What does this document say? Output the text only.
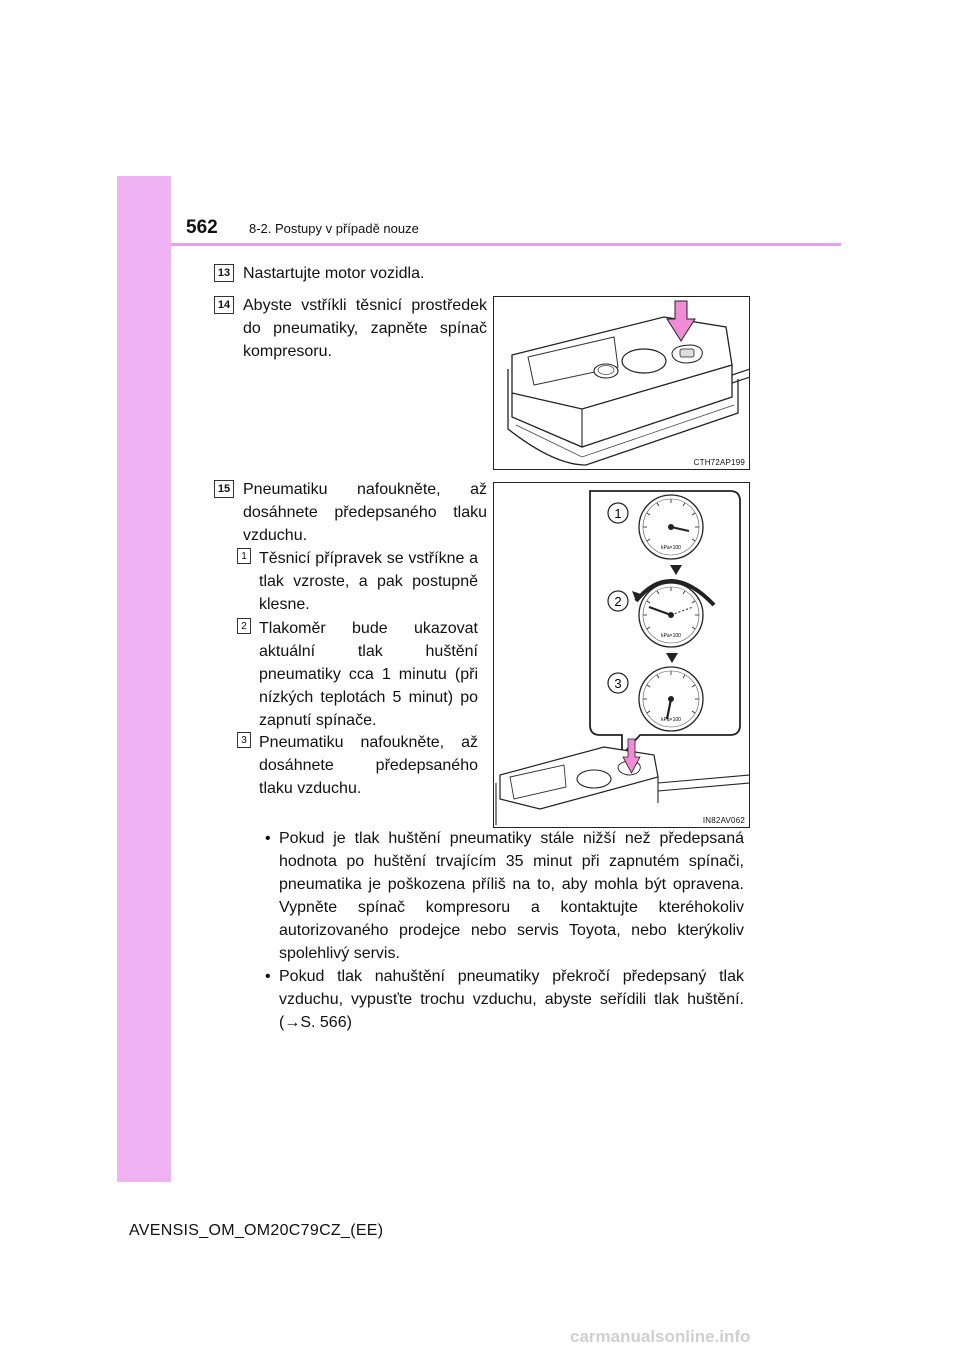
562 8-2. Postupy v případě nouze
13 Nastartujte motor vozidla.
14 Abyste vstříkli těsnicí prostředek do pneumatiky, zapněte spínač kompresoru.
CTH72AP199
15 Pneumatiku nafoukněte, až dosáhnete předepsaného tlaku vzduchu.
1 Těsnicí přípravek se vstříkne a tlak vzroste, a pak postupně klesne.
2 Tlakoměr bude ukazovat aktuální tlak huštění pneumatiky cca 1 minutu (při nízkých teplotách 5 minut) po zapnutí spínače.
3 Pneumatiku nafoukněte, až dosáhnete předepsaného tlaku vzduchu.
1
2
3
kPa×100
kPa×100
kPa×100
IN82AV062
• Pokud je tlak huštění pneumatiky stále nižší než předepsaná hodnota po huštění trvajícím 35 minut při zapnutém spínači, pneumatika je poškozena příliš na to, aby mohla být opravena. Vypněte spínač kompresoru a kontaktujte kteréhokoliv autorizovaného prodejce nebo servis Toyota, nebo kterýkoliv spolehlivý servis.
• Pokud tlak nahuštění pneumatiky překročí předepsaný tlak vzduchu, vypusťte trochu vzduchu, abyste seřídili tlak huštění. (→S. 566)
AVENSIS_OM_OM20C79CZ_(EE)
carmanualsonline.info
